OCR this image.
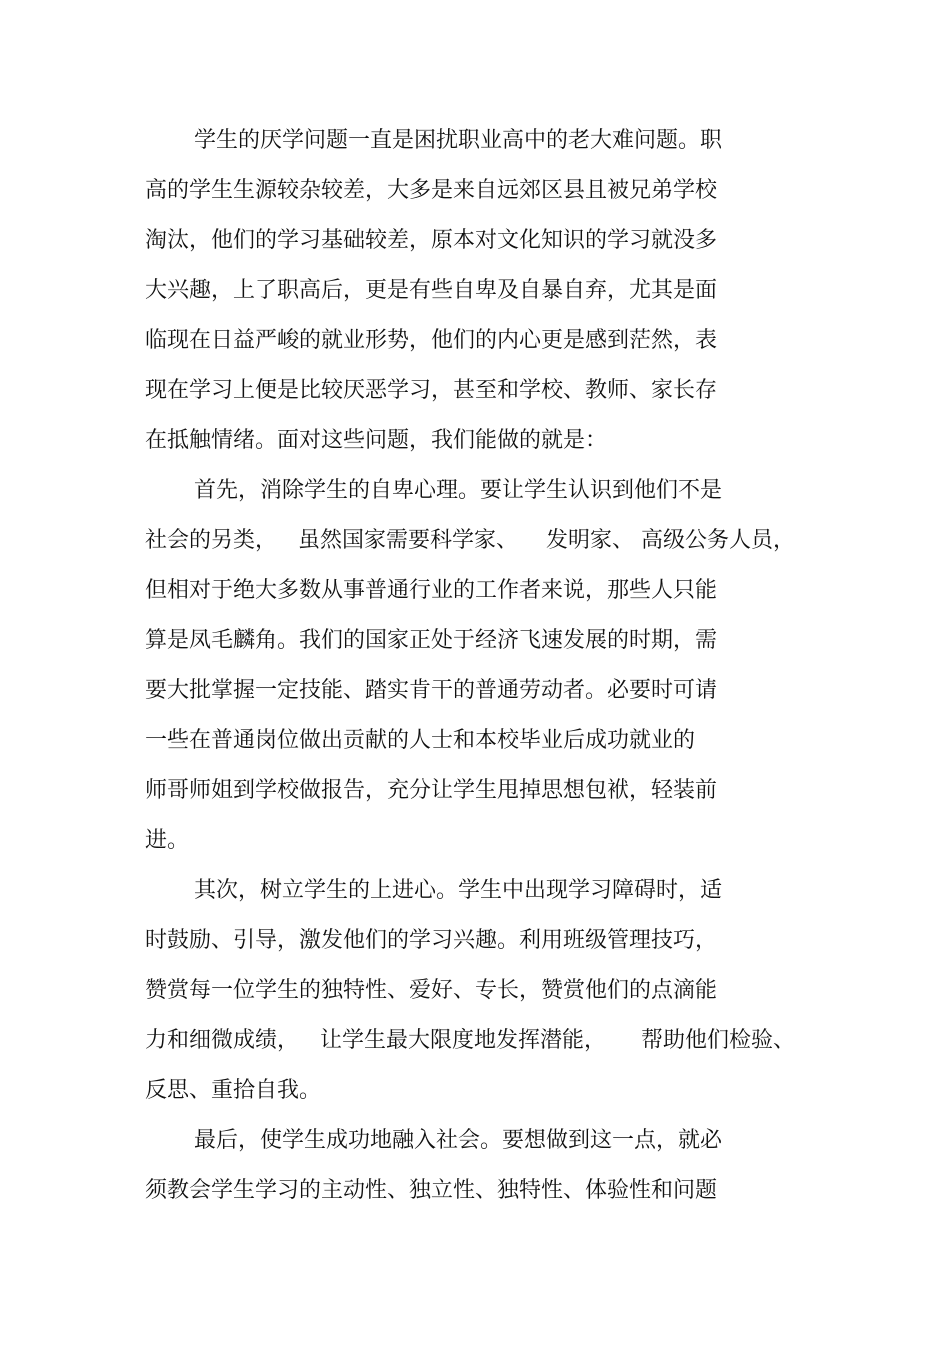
学生的厌学问题一直是困扰职业高中的老大难问题。职

高的学生生源较杂较差，大多是来自远郊区县且被兄弟学校

淘汰，他们的学习基础较差，原本对文化知识的学习就没多

大兴趣，上了职高后，更是有些自卑及自暴自弃，尤其是面

临现在日益严峻的就业形势，他们的内心更是感到茫然，表

现在学习上便是比较厌恶学习，甚至和学校、教师、家长存

在抵触情绪。面对这些问题，我们能做的就是：

首先，消除学生的自卑心理。要让学生认识到他们不是

社会的另类，   虽然国家需要科学家、    发明家、 高级公务人员，

但相对于绝大多数从事普通行业的工作者来说，那些人只能

算是凤毛麟角。我们的国家正处于经济飞速发展的时期，需

要大批掌握一定技能、踏实肯干的普通劳动者。必要时可请

一些在普通岗位做出贡献的人士和本校毕业后成功就业的

师哥师姐到学校做报告，充分让学生甩掉思想包袱，轻装前

进。

其次，树立学生的上进心。学生中出现学习障碍时，适

时鼓励、引导，激发他们的学习兴趣。利用班级管理技巧，

赞赏每一位学生的独特性、爱好、专长，赞赏他们的点滴能

力和细微成绩，   让学生最大限度地发挥潜能，     帮助他们检验、

反思、重拾自我。

最后，使学生成功地融入社会。要想做到这一点，就必

须教会学生学习的主动性、独立性、独特性、体验性和问题
